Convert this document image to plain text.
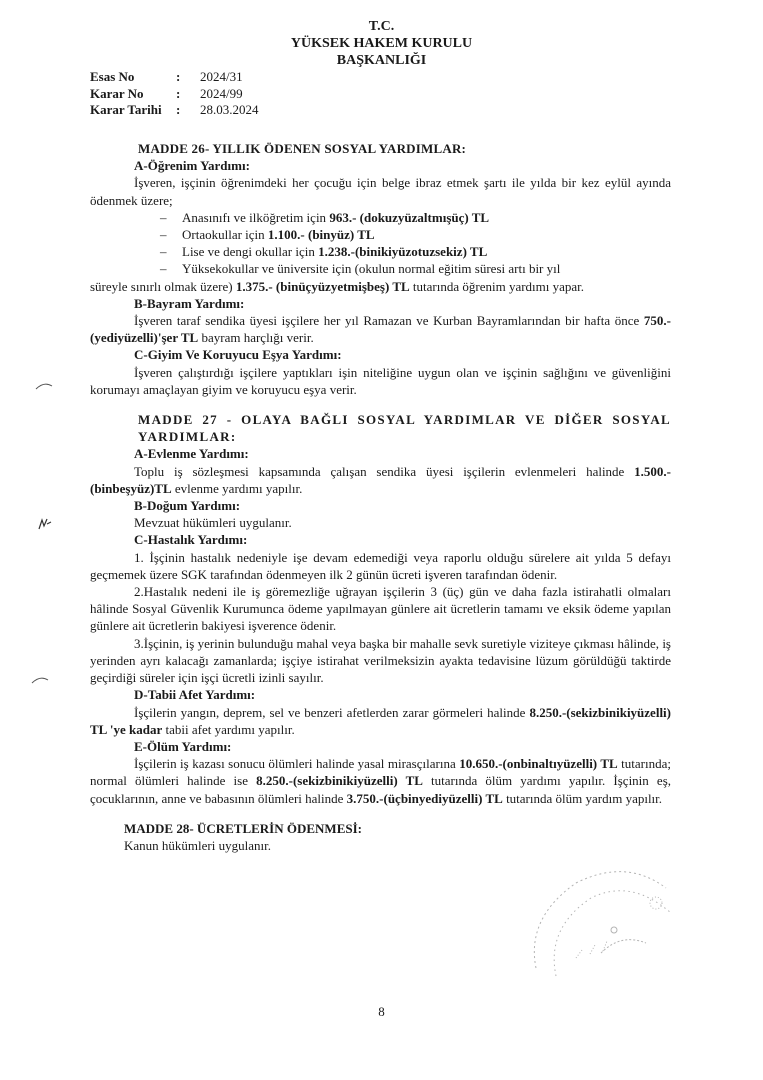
T.C.
YÜKSEK HAKEM KURULU
BAŞKANLIĞI
Esas No	:	2024/31
Karar No	:	2024/99
Karar Tarihi	:	28.03.2024
MADDE 26- YILLIK ÖDENEN SOSYAL YARDIMLAR:
A-Öğrenim Yardımı:
İşveren, işçinin öğrenimdeki her çocuğu için belge ibraz etmek şartı ile yılda bir kez eylül ayında ödenmek üzere;
– Anasınıfı ve ilköğretim için 963.- (dokuzyüzaltmışüç) TL
– Ortaokullar için 1.100.- (binyüz) TL
– Lise ve dengi okullar için 1.238.-(binikiyüzotuzsekiz) TL
– Yüksekokullar ve üniversite için (okulun normal eğitim süresi artı bir yıl
süreyle sınırlı olmak üzere) 1.375.- (binüçyüzyetmişbeş) TL tutarında öğrenim yardımı yapar.
B-Bayram Yardımı:
İşveren taraf sendika üyesi işçilere her yıl Ramazan ve Kurban Bayramlarından bir hafta önce 750.-(yediyüzelli)'şer TL bayram harçlığı verir.
C-Giyim Ve Koruyucu Eşya Yardımı:
İşveren çalıştırdığı işçilere yaptıkları işin niteliğine uygun olan ve işçinin sağlığını ve güvenliğini korumayı amaçlayan giyim ve koruyucu eşya verir.
MADDE 27 - OLAYA BAĞLI SOSYAL YARDIMLAR VE DİĞER SOSYAL YARDIMLAR:
A-Evlenme Yardımı:
Toplu iş sözleşmesi kapsamında çalışan sendika üyesi işçilerin evlenmeleri halinde 1.500.-(binbeşyüz)TL evlenme yardımı yapılır.
B-Doğum Yardımı:
Mevzuat hükümleri uygulanır.
C-Hastalık Yardımı:
1. İşçinin hastalık nedeniyle işe devam edemediği veya raporlu olduğu sürelere ait yılda 5 defayı geçmemek üzere SGK tarafından ödenmeyen ilk 2 günün ücreti işveren tarafından ödenir.
2.Hastalık nedeni ile iş göremezliğe uğrayan işçilerin 3 (üç) gün ve daha fazla istirahatli olmaları hâlinde Sosyal Güvenlik Kurumunca ödeme yapılmayan günlere ait ücretlerin tamamı ve eksik ödeme yapılan günlere ait ücretlerin bakiyesi işverence ödenir.
3.İşçinin, iş yerinin bulunduğu mahal veya başka bir mahalle sevk suretiyle viziteye çıkması hâlinde, iş yerinden ayrı kalacağı zamanlarda; işçiye istirahat verilmeksizin ayakta tedavisine lüzum görüldüğü taktirde geçirdiği süreler için işçi ücretli izinli sayılır.
D-Tabii Afet Yardımı:
İşçilerin yangın, deprem, sel ve benzeri afetlerden zarar görmeleri halinde 8.250.-(sekizbinikiyüzelli) TL 'ye kadar tabii afet yardımı yapılır.
E-Ölüm Yardımı:
İşçilerin iş kazası sonucu ölümleri halinde yasal mirasçılarına 10.650.-(onbinaltıyüzelli) TL tutarında; normal ölümleri halinde ise 8.250.-(sekizbinikiyüzelli) TL tutarında ölüm yardımı yapılır. İşçinin eş, çocuklarının, anne ve babasının ölümleri halinde 3.750.-(üçbinyediyüzelli) TL tutarında ölüm yardım yapılır.
MADDE 28- ÜCRETLERİN ÖDENMESİ:
Kanun hükümleri uygulanır.
8
